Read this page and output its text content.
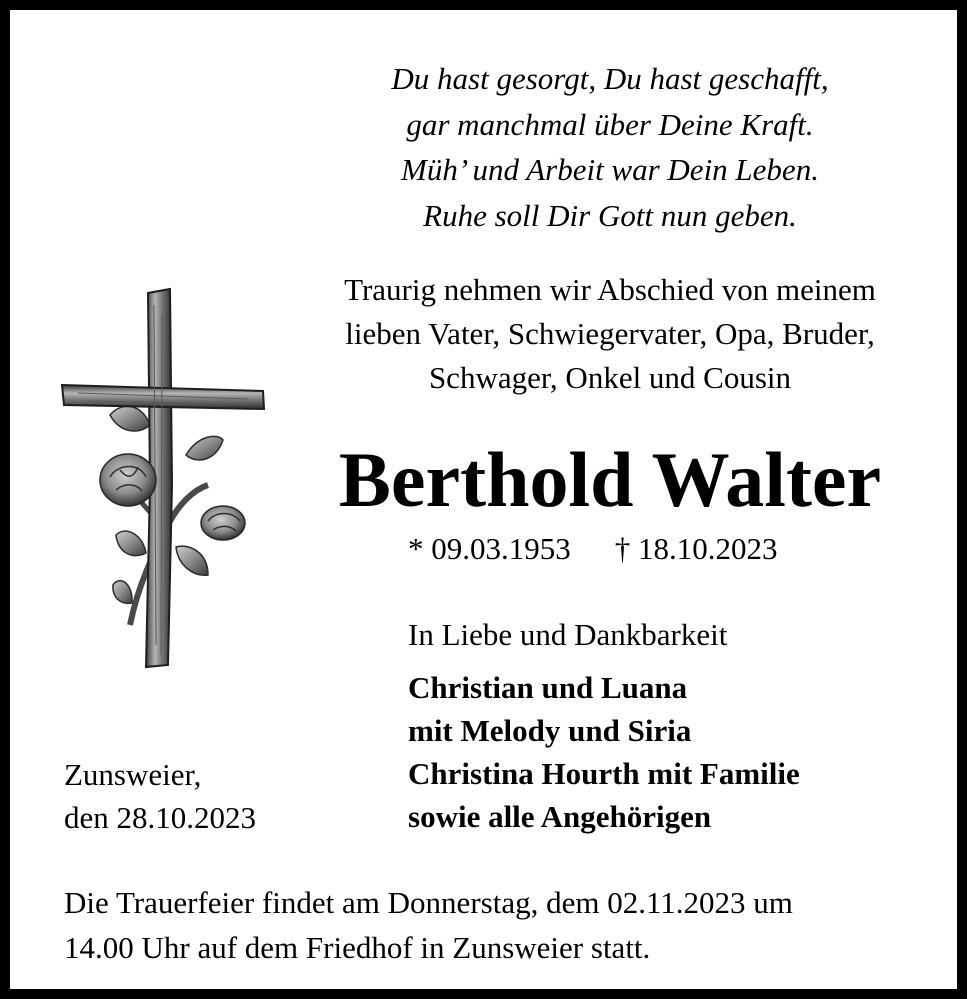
Du hast gesorgt, Du hast geschafft,
gar manchmal über Deine Kraft.
Müh’ und Arbeit war Dein Leben.
Ruhe soll Dir Gott nun geben.
Traurig nehmen wir Abschied von meinem
lieben Vater, Schwiegervater, Opa, Bruder,
Schwager, Onkel und Cousin
Berthold Walter
* 09.03.1953 † 18.10.2023
In Liebe und Dankbarkeit
Christian und Luana
mit Melody und Siria
Christina Hourth mit Familie
sowie alle Angehörigen
Zunsweier,
den 28.10.2023
Die Trauerfeier findet am Donnerstag, dem 02.11.2023 um
14.00 Uhr auf dem Friedhof in Zunsweier statt.
